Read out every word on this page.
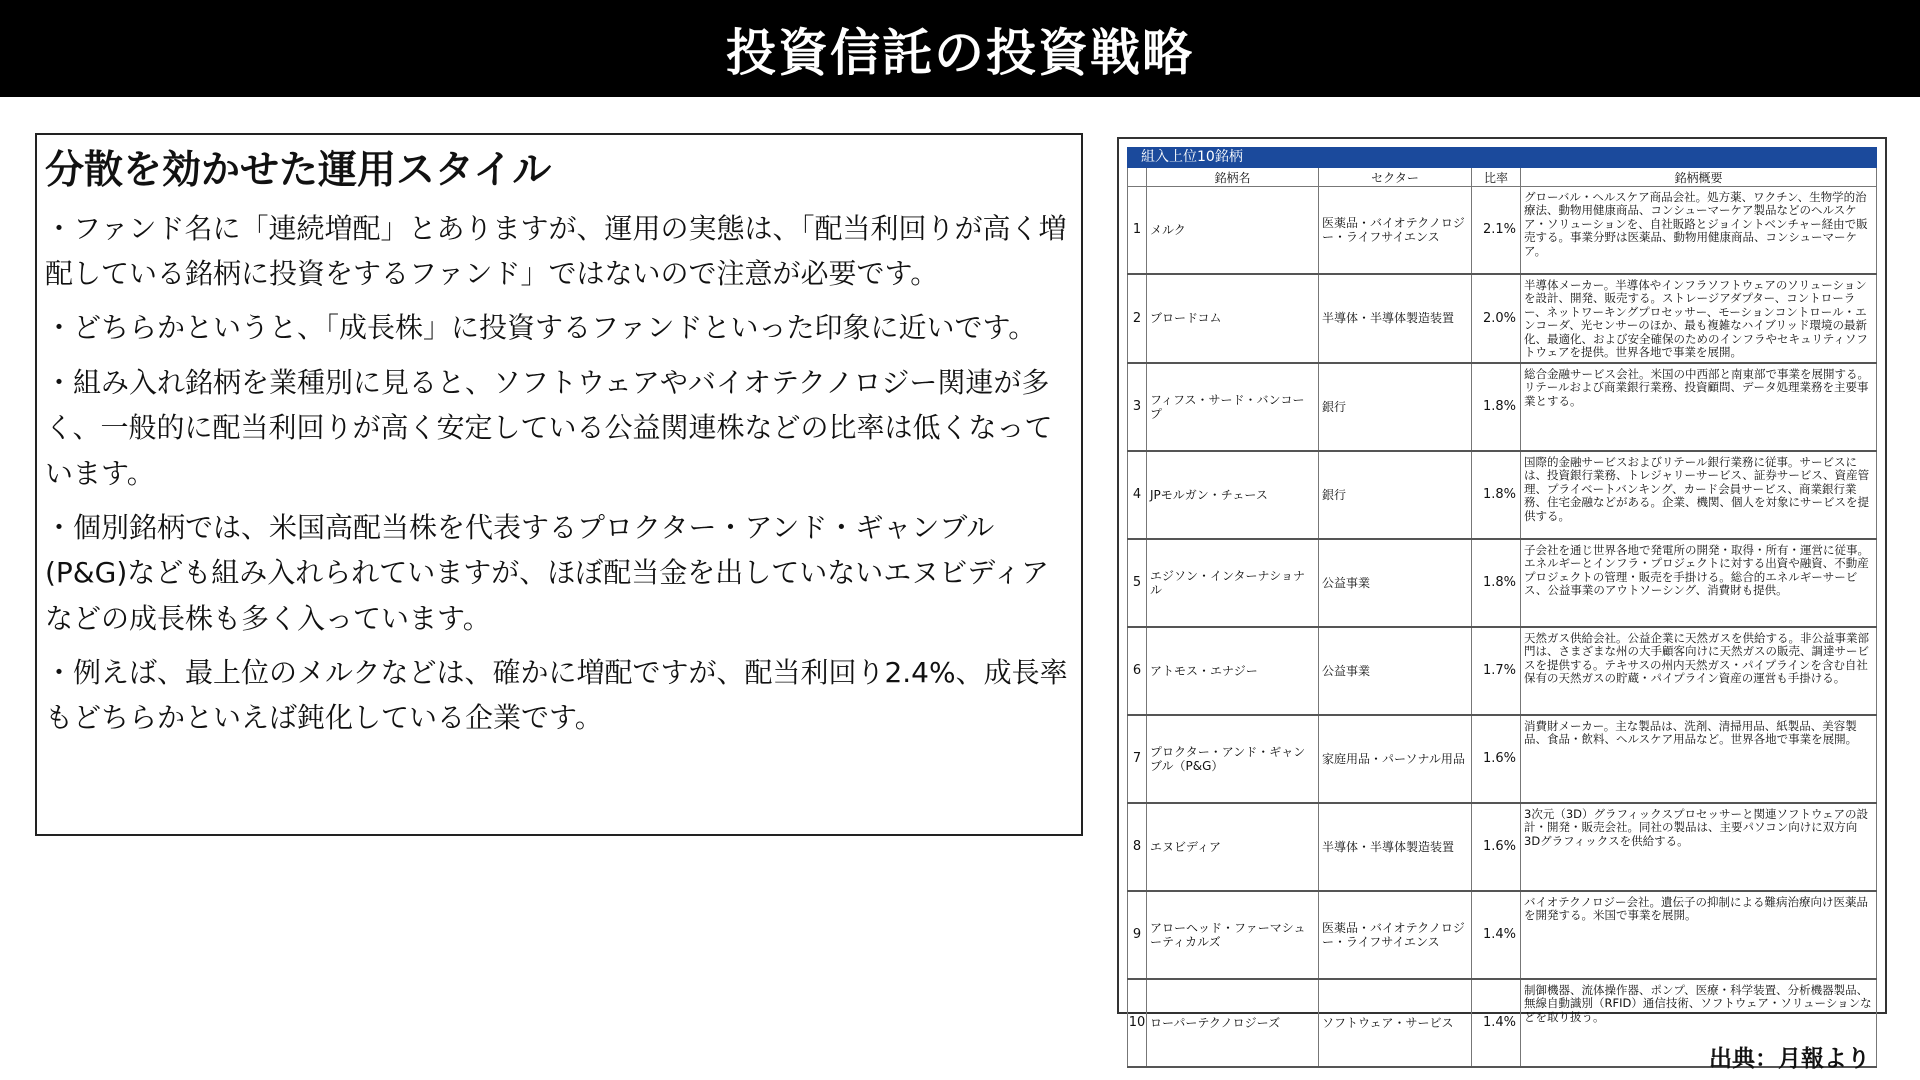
投資信託の投資戦略
分散を効かせた運用スタイル

・ファンド名に「連続増配」とありますが、運用の実態は、「配当利回りが高く増配している銘柄に投資をするファンド」ではないので注意が必要です。

・どちらかというと、「成長株」に投資するファンドといった印象に近いです。

・組み入れ銘柄を業種別に見ると、ソフトウェアやバイオテクノロジー関連が多く、一般的に配当利回りが高く安定している公益関連株などの比率は低くなっています。

・個別銘柄では、米国高配当株を代表するプロクター・アンド・ギャンブル(P&G)なども組み入れられていますが、ほぼ配当金を出していないエヌビディアなどの成長株も多く入っています。

・例えば、最上位のメルクなどは、確かに増配ですが、配当利回り2.4%、成長率もどちらかといえば鈍化している企業です。

組入上位10銘柄
	銘柄名	セクター	比率	銘柄概要
1	メルク	医薬品・バイオテクノロジー・ライフサイエンス	2.1%	グローバル・ヘルスケア商品会社。処方薬、ワクチン、生物学的治療法、動物用健康商品、コンシューマーケア製品などのヘルスケア・ソリューションを、自社販路とジョイントベンチャー経由で販売する。事業分野は医薬品、動物用健康商品、コンシューマーケア。
2	ブロードコム	半導体・半導体製造装置	2.0%	半導体メーカー。半導体やインフラソフトウェアのソリューションを設計、開発、販売する。ストレージアダプター、コントローラー、ネットワーキングプロセッサー、モーションコントロール・エンコーダ、光センサーのほか、最も複雑なハイブリッド環境の最新化、最適化、および安全確保のためのインフラやセキュリティソフトウェアを提供。世界各地で事業を展開。
3	フィフス・サード・バンコープ	銀行	1.8%	総合金融サービス会社。米国の中西部と南東部で事業を展開する。リテールおよび商業銀行業務、投資顧問、データ処理業務を主要事業とする。
4	JPモルガン・チェース	銀行	1.8%	国際的金融サービスおよびリテール銀行業務に従事。サービスには、投資銀行業務、トレジャリーサービス、証券サービス、資産管理、プライベートバンキング、カード会員サービス、商業銀行業務、住宅金融などがある。企業、機関、個人を対象にサービスを提供する。
5	エジソン・インターナショナル	公益事業	1.8%	子会社を通じ世界各地で発電所の開発・取得・所有・運営に従事。エネルギーとインフラ・プロジェクトに対する出資や融資、不動産プロジェクトの管理・販売を手掛ける。総合的エネルギーサービス、公益事業のアウトソーシング、消費財も提供。
6	アトモス・エナジー	公益事業	1.7%	天然ガス供給会社。公益企業に天然ガスを供給する。非公益事業部門は、さまざまな州の大手顧客向けに天然ガスの販売、調達サービスを提供する。テキサスの州内天然ガス・パイプラインを含む自社保有の天然ガスの貯蔵・パイプライン資産の運営も手掛ける。
7	プロクター・アンド・ギャンブル（P&G）	家庭用品・パーソナル用品	1.6%	消費財メーカー。主な製品は、洗剤、清掃用品、紙製品、美容製品、食品・飲料、ヘルスケア用品など。世界各地で事業を展開。
8	エヌビディア	半導体・半導体製造装置	1.6%	3次元（3D）グラフィックスプロセッサーと関連ソフトウェアの設計・開発・販売会社。同社の製品は、主要パソコン向けに双方向3Dグラフィックスを供給する。
9	アローヘッド・ファーマシューティカルズ	医薬品・バイオテクノロジー・ライフサイエンス	1.4%	バイオテクノロジー会社。遺伝子の抑制による難病治療向け医薬品を開発する。米国で事業を展開。
10	ローパーテクノロジーズ	ソフトウェア・サービス	1.4%	制御機器、流体操作器、ポンプ、医療・科学装置、分析機器製品、無線自動識別（RFID）通信技術、ソフトウェア・ソリューションなどを取り扱う。
出典：月報より
